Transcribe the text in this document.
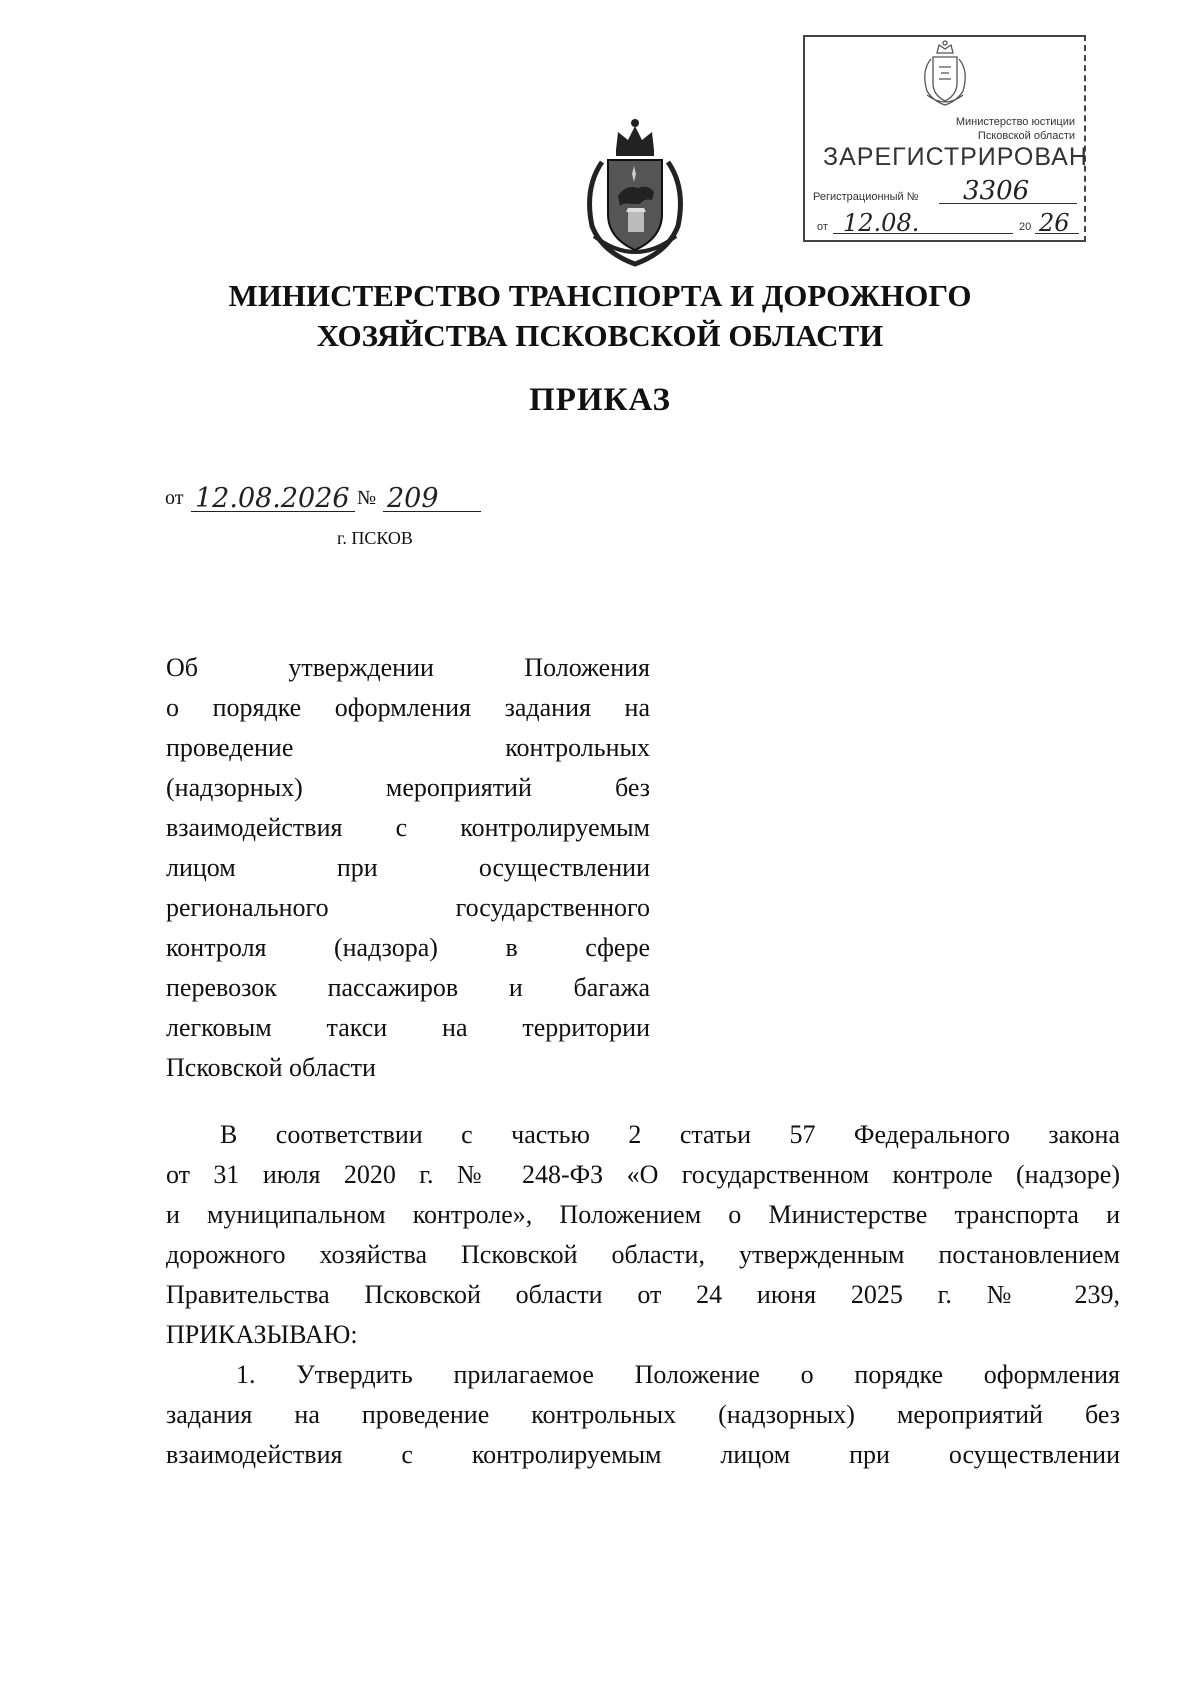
Министерство юстиции
Псковской области
ЗАРЕГИСТРИРОВАН
Регистрационный № 3306
от 12.08.	20 26
МИНИСТЕРСТВО ТРАНСПОРТА И ДОРОЖНОГО
ХОЗЯЙСТВА ПСКОВСКОЙ ОБЛАСТИ
ПРИКАЗ
от 12.08.2026 № 209
г. ПСКОВ
Об утверждении Положения
о порядке оформления задания на
проведение контрольных
(надзорных) мероприятий без
взаимодействия с контролируемым
лицом при осуществлении
регионального государственного
контроля (надзора) в сфере
перевозок пассажиров и багажа
легковым такси на территории
Псковской области
В соответствии с частью 2 статьи 57 Федерального закона
от 31 июля 2020 г. № 248-ФЗ «О государственном контроле (надзоре)
и муниципальном контроле», Положением о Министерстве транспорта и
дорожного хозяйства Псковской области, утвержденным постановлением
Правительства Псковской области от 24 июня 2025 г. № 239,
ПРИКАЗЫВАЮ:
1. Утвердить прилагаемое Положение о порядке оформления
задания на проведение контрольных (надзорных) мероприятий без
взаимодействия с контролируемым лицом при осуществлении
